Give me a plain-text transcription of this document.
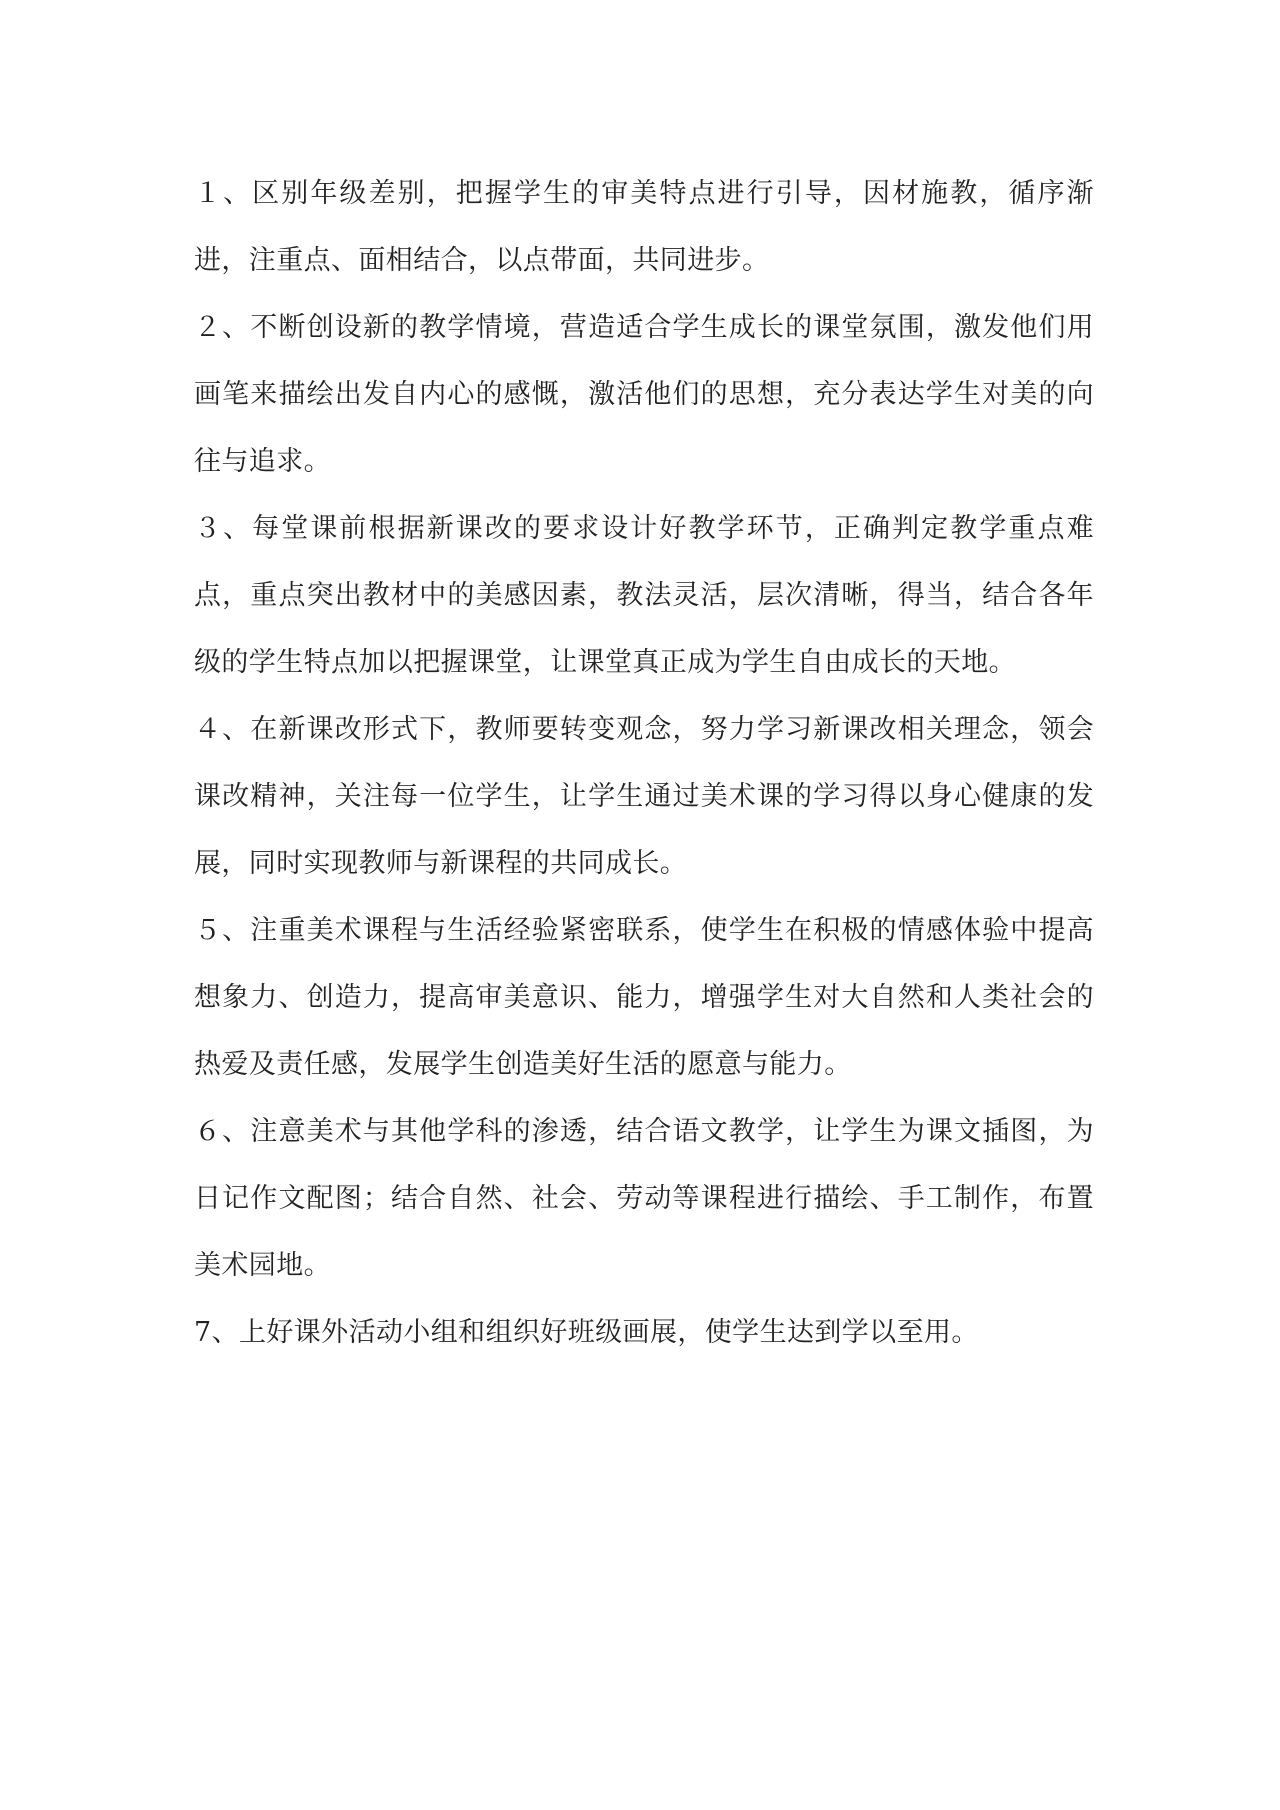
１、区别年级差别，把握学生的审美特点进行引导，因材施教，循序渐进，注重点、面相结合，以点带面，共同进步。

２、不断创设新的教学情境，营造适合学生成长的课堂氛围，激发他们用画笔来描绘出发自内心的感慨，激活他们的思想，充分表达学生对美的向往与追求。

３、每堂课前根据新课改的要求设计好教学环节，正确判定教学重点难点，重点突出教材中的美感因素，教法灵活，层次清晰，得当，结合各年级的学生特点加以把握课堂，让课堂真正成为学生自由成长的天地。

４、在新课改形式下，教师要转变观念，努力学习新课改相关理念，领会课改精神，关注每一位学生，让学生通过美术课的学习得以身心健康的发展，同时实现教师与新课程的共同成长。

５、注重美术课程与生活经验紧密联系，使学生在积极的情感体验中提高想象力、创造力，提高审美意识、能力，增强学生对大自然和人类社会的热爱及责任感，发展学生创造美好生活的愿意与能力。

６、注意美术与其他学科的渗透，结合语文教学，让学生为课文插图，为日记作文配图；结合自然、社会、劳动等课程进行描绘、手工制作，布置美术园地。

7、上好课外活动小组和组织好班级画展，使学生达到学以至用。
